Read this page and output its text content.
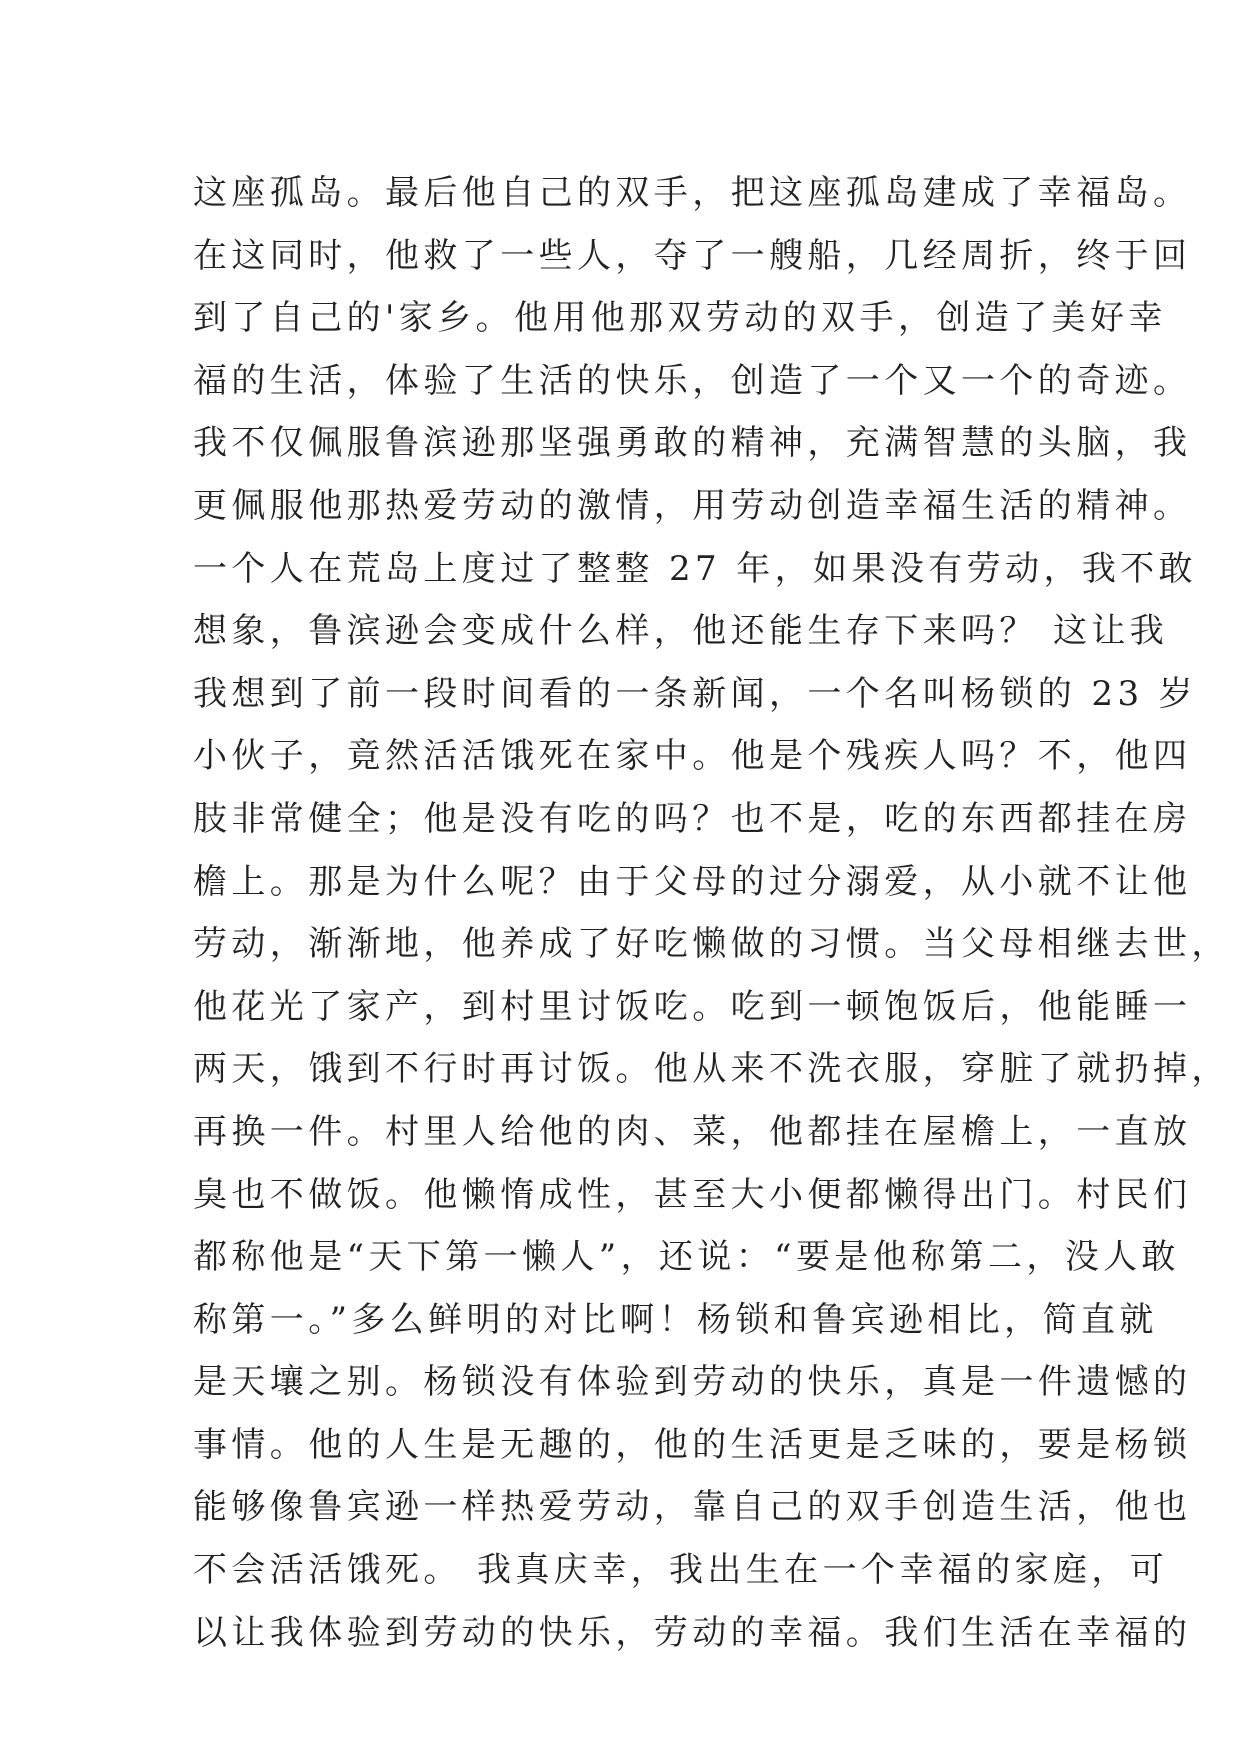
这座孤岛。最后他自己的双手，把这座孤岛建成了幸福岛。
在这同时，他救了一些人，夺了一艘船，几经周折，终于回
到了自己的'家乡。他用他那双劳动的双手，创造了美好幸
福的生活，体验了生活的快乐，创造了一个又一个的奇迹。
我不仅佩服鲁滨逊那坚强勇敢的精神，充满智慧的头脑，我
更佩服他那热爱劳动的激情，用劳动创造幸福生活的精神。
一个人在荒岛上度过了整整 27 年，如果没有劳动，我不敢
想象，鲁滨逊会变成什么样，他还能生存下来吗？ 这让我
我想到了前一段时间看的一条新闻，一个名叫杨锁的 23 岁
小伙子，竟然活活饿死在家中。他是个残疾人吗？不，他四
肢非常健全；他是没有吃的吗？也不是，吃的东西都挂在房
檐上。那是为什么呢？由于父母的过分溺爱，从小就不让他
劳动，渐渐地，他养成了好吃懒做的习惯。当父母相继去世，
他花光了家产，到村里讨饭吃。吃到一顿饱饭后，他能睡一
两天，饿到不行时再讨饭。他从来不洗衣服，穿脏了就扔掉，
再换一件。村里人给他的肉、菜，他都挂在屋檐上，一直放
臭也不做饭。他懒惰成性，甚至大小便都懒得出门。村民们
都称他是“天下第一懒人”，还说：“要是他称第二，没人敢
称第一。”多么鲜明的对比啊！杨锁和鲁宾逊相比，简直就
是天壤之别。杨锁没有体验到劳动的快乐，真是一件遗憾的
事情。他的人生是无趣的，他的生活更是乏味的，要是杨锁
能够像鲁宾逊一样热爱劳动，靠自己的双手创造生活，他也
不会活活饿死。 我真庆幸，我出生在一个幸福的家庭，可
以让我体验到劳动的快乐，劳动的幸福。我们生活在幸福的
